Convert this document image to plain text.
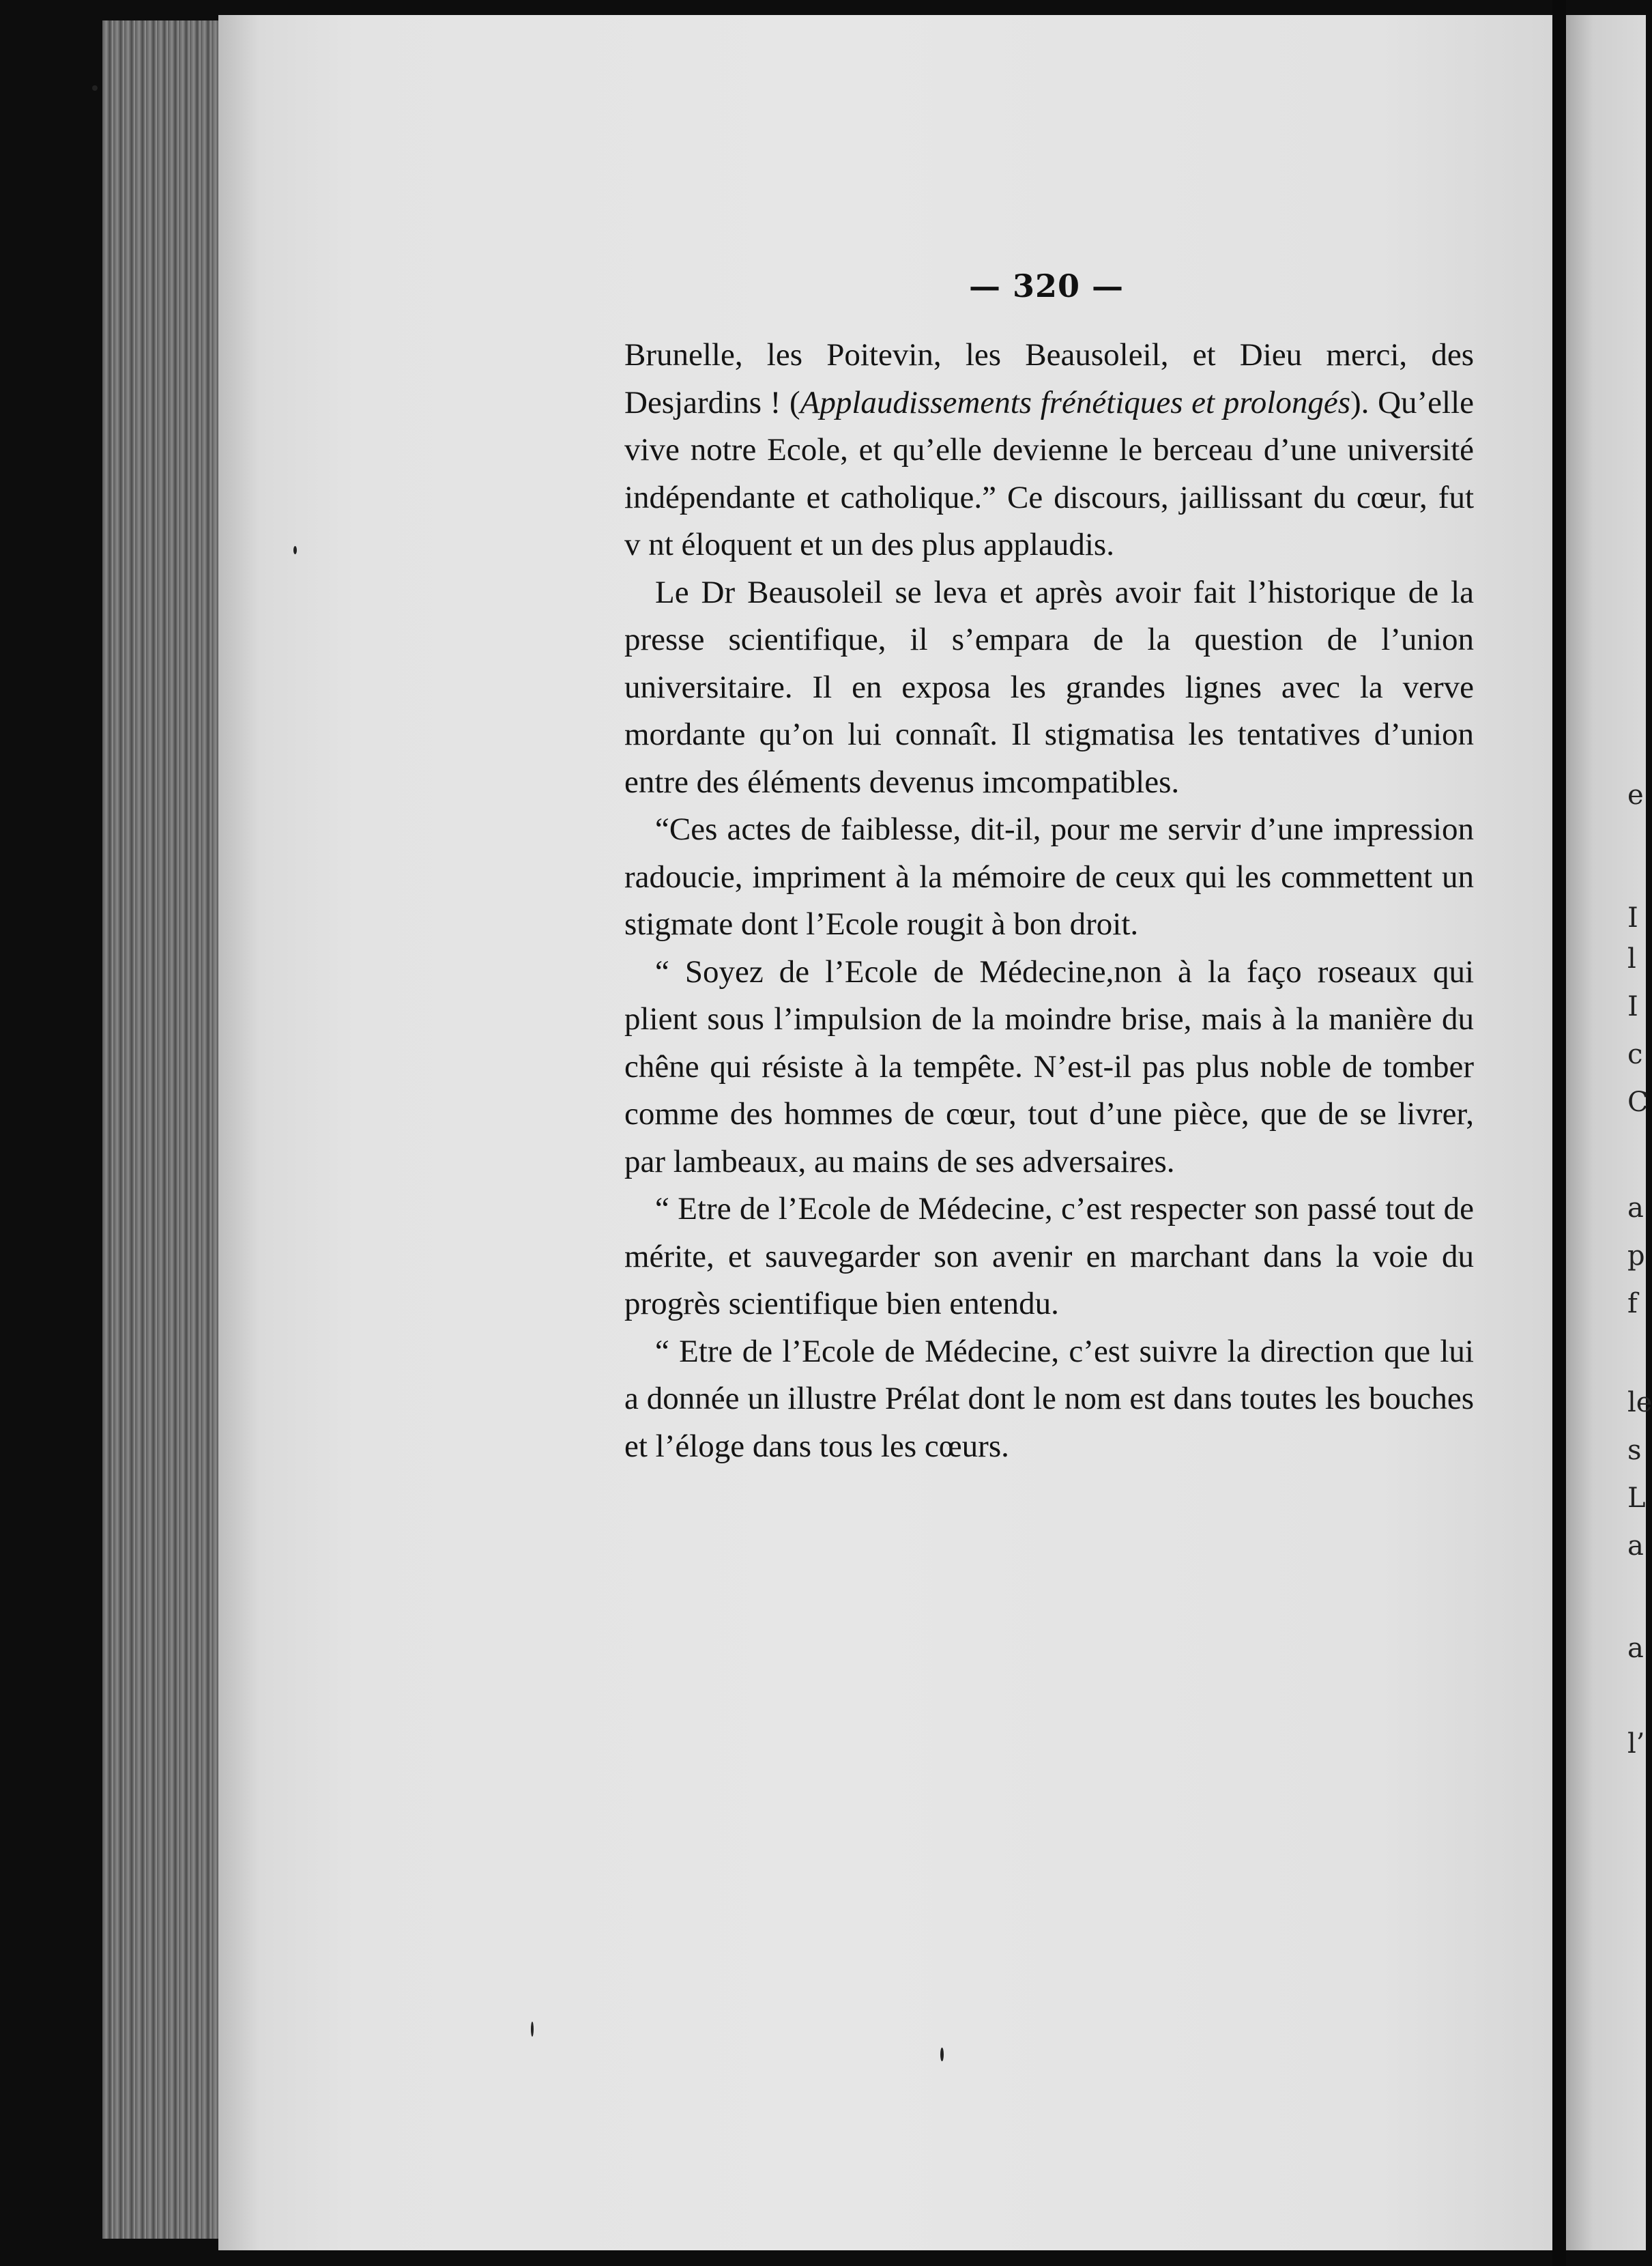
e
I
l
I
c
C
a
p
f
le
s
L
a
a
l’
— 320 —

Brunelle, les Poitevin, les Beausoleil, et Dieu merci, des Desjardins ! (Applaudissements frénétiques et prolongés). Qu’elle vive notre Ecole, et qu’elle devienne le berceau d’une université indépendante et catholique.” Ce discours, jaillissant du cœur, fut v nt éloquent et un des plus applaudis.

Le Dr Beausoleil se leva et après avoir fait l’historique de la presse scientifique, il s’empara de la question de l’union universitaire. Il en exposa les grandes lignes avec la verve mordante qu’on lui connaît. Il stigmatisa les tentatives d’union entre des éléments devenus imcompatibles.

“Ces actes de faiblesse, dit-il, pour me servir d’une impression radoucie, impriment à la mémoire de ceux qui les commettent un stigmate dont l’Ecole rougit à bon droit.

“ Soyez de l’Ecole de Médecine,non à la faço roseaux qui plient sous l’impulsion de la moindre brise, mais à la manière du chêne qui résiste à la tempête. N’est-il pas plus noble de tomber comme des hommes de cœur, tout d’une pièce, que de se livrer, par lambeaux, au mains de ses adversaires.

“ Etre de l’Ecole de Médecine, c’est respecter son passé tout de mérite, et sauvegarder son avenir en marchant dans la voie du progrès scientifique bien entendu.

“ Etre de l’Ecole de Médecine, c’est suivre la direction que lui a donnée un illustre Prélat dont le nom est dans toutes les bouches et l’éloge dans tous les cœurs.
